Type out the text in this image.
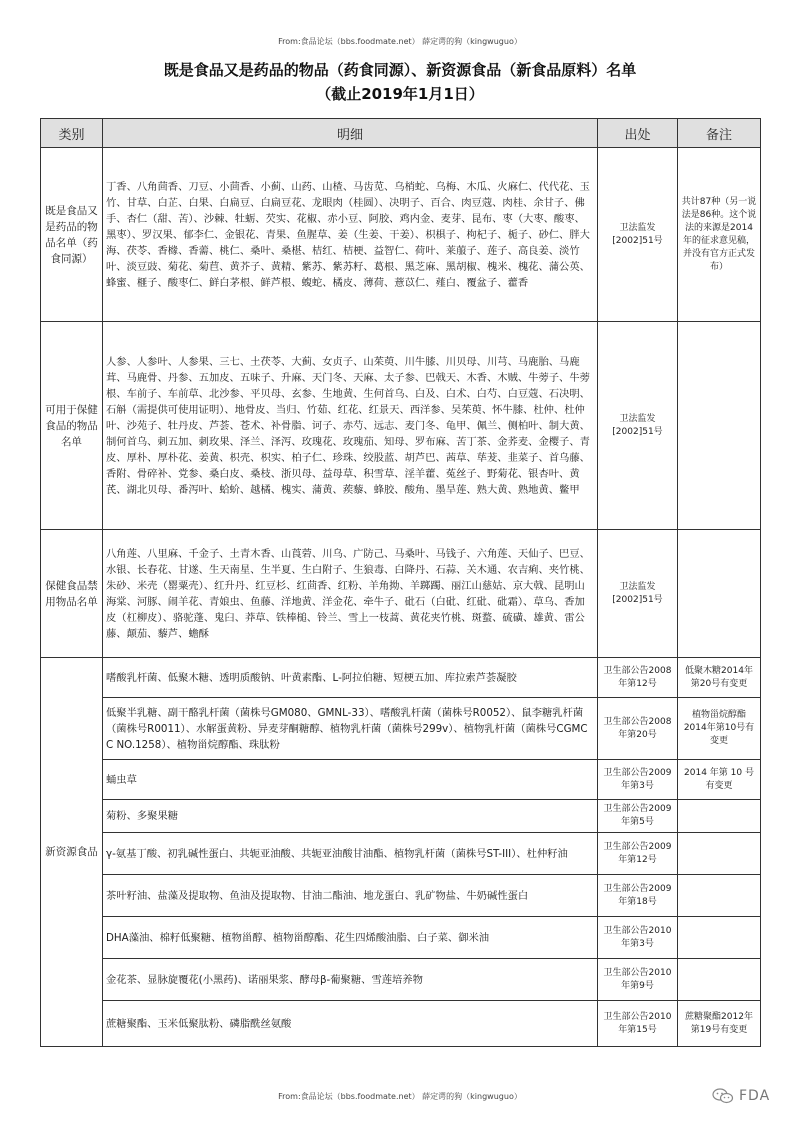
From:食品论坛（bbs.foodmate.net） 薛定谔的狗（kingwuguo）
既是食品又是药品的物品（药食同源）、新资源食品（新食品原料）名单
（截止2019年1月1日）
类别	明细	出处	备注
既是食品又是药品的物品名单（药食同源）	丁香、八角茴香、刀豆、小茴香、小蓟、山药、山楂、马齿苋、乌梢蛇、乌梅、木瓜、火麻仁、代代花、玉竹、甘草、白芷、白果、白扁豆、白扁豆花、龙眼肉（桂圆）、决明子、百合、肉豆蔻、肉桂、余甘子、佛手、杏仁（甜、苦）、沙棘、牡蛎、芡实、花椒、赤小豆、阿胶、鸡内金、麦芽、昆布、枣（大枣、酸枣、黑枣）、罗汉果、郁李仁、金银花、青果、鱼腥草、姜（生姜、干姜）、枳椇子、枸杞子、栀子、砂仁、胖大海、茯苓、香橼、香薷、桃仁、桑叶、桑椹、桔红、桔梗、益智仁、荷叶、莱菔子、莲子、高良姜、淡竹叶、淡豆豉、菊花、菊苣、黄芥子、黄精、紫苏、紫苏籽、葛根、黑芝麻、黑胡椒、槐米、槐花、蒲公英、蜂蜜、榧子、酸枣仁、鲜白茅根、鲜芦根、蝮蛇、橘皮、薄荷、薏苡仁、薤白、覆盆子、藿香	卫法监发[2002]51号	共计87种（另一说法是86种。这个说法的来源是2014年的征求意见稿，并没有官方正式发布）
可用于保健食品的物品名单	人参、人参叶、人参果、三七、土茯苓、大蓟、女贞子、山茱萸、川牛膝、川贝母、川芎、马鹿胎、马鹿茸、马鹿骨、丹参、五加皮、五味子、升麻、天门冬、天麻、太子参、巴戟天、木香、木贼、牛蒡子、牛蒡根、车前子、车前草、北沙参、平贝母、玄参、生地黄、生何首乌、白及、白术、白芍、白豆蔻、石决明、石斛（需提供可使用证明）、地骨皮、当归、竹茹、红花、红景天、西洋参、吴茱萸、怀牛膝、杜仲、杜仲叶、沙苑子、牡丹皮、芦荟、苍术、补骨脂、诃子、赤芍、远志、麦门冬、龟甲、佩兰、侧柏叶、制大黄、制何首乌、刺五加、刺玫果、泽兰、泽泻、玫瑰花、玫瑰茄、知母、罗布麻、苦丁茶、金荞麦、金樱子、青皮、厚朴、厚朴花、姜黄、枳壳、枳实、柏子仁、珍珠、绞股蓝、胡芦巴、茜草、荜茇、韭菜子、首乌藤、香附、骨碎补、党参、桑白皮、桑枝、浙贝母、益母草、积雪草、淫羊藿、菟丝子、野菊花、银杏叶、黄芪、湖北贝母、番泻叶、蛤蚧、越橘、槐实、蒲黄、蒺藜、蜂胶、酸角、墨旱莲、熟大黄、熟地黄、鳖甲	卫法监发[2002]51号	
保健食品禁用物品名单	八角莲、八里麻、千金子、土青木香、山莨菪、川乌、广防己、马桑叶、马钱子、六角莲、天仙子、巴豆、水银、长春花、甘遂、生天南星、生半夏、生白附子、生狼毒、白降丹、石蒜、关木通、农吉痢、夹竹桃、朱砂、米壳（罂粟壳）、红升丹、红豆杉、红茴香、红粉、羊角拗、羊踯躅、丽江山慈姑、京大戟、昆明山海棠、河豚、闹羊花、青娘虫、鱼藤、洋地黄、洋金花、牵牛子、砒石（白砒、红砒、砒霜）、草乌、香加皮（杠柳皮）、骆驼蓬、鬼臼、莽草、铁棒槌、铃兰、雪上一枝蒿、黄花夹竹桃、斑蝥、硫磺、雄黄、雷公藤、颠茄、藜芦、蟾酥	卫法监发[2002]51号	
新资源食品	嗜酸乳杆菌、低聚木糖、透明质酸钠、叶黄素酯、L-阿拉伯糖、短梗五加、库拉索芦荟凝胶	卫生部公告2008年第12号	低聚木糖2014年第20号有变更
	低聚半乳糖、副干酪乳杆菌（菌株号GM080、GMNL-33）、嗜酸乳杆菌（菌株号R0052）、鼠李糖乳杆菌（菌株号R0011）、水解蛋黄粉、异麦芽酮糖醇、植物乳杆菌（菌株号299v）、植物乳杆菌（菌株号CGMCC NO.1258）、植物甾烷醇酯、珠肽粉	卫生部公告2008年第20号	植物甾烷醇酯2014年第10号有变更
	蛹虫草	卫生部公告2009年第3号	2014 年第 10 号有变更
	菊粉、多聚果糖	卫生部公告2009年第5号	
	γ-氨基丁酸、初乳碱性蛋白、共轭亚油酸、共轭亚油酸甘油酯、植物乳杆菌（菌株号ST-III）、杜仲籽油	卫生部公告2009年第12号	
	茶叶籽油、盐藻及提取物、鱼油及提取物、甘油二酯油、地龙蛋白、乳矿物盐、牛奶碱性蛋白	卫生部公告2009年第18号	
	DHA藻油、棉籽低聚糖、植物甾醇、植物甾醇酯、花生四烯酸油脂、白子菜、御米油	卫生部公告2010年第3号	
	金花茶、显脉旋覆花(小黑药)、诺丽果浆、酵母β-葡聚糖、雪莲培养物	卫生部公告2010年第9号	
	蔗糖聚酯、玉米低聚肽粉、磷脂酰丝氨酸	卫生部公告2010年第15号	蔗糖聚酯2012年第19号有变更
From:食品论坛（bbs.foodmate.net） 薛定谔的狗（kingwuguo）	FDA
